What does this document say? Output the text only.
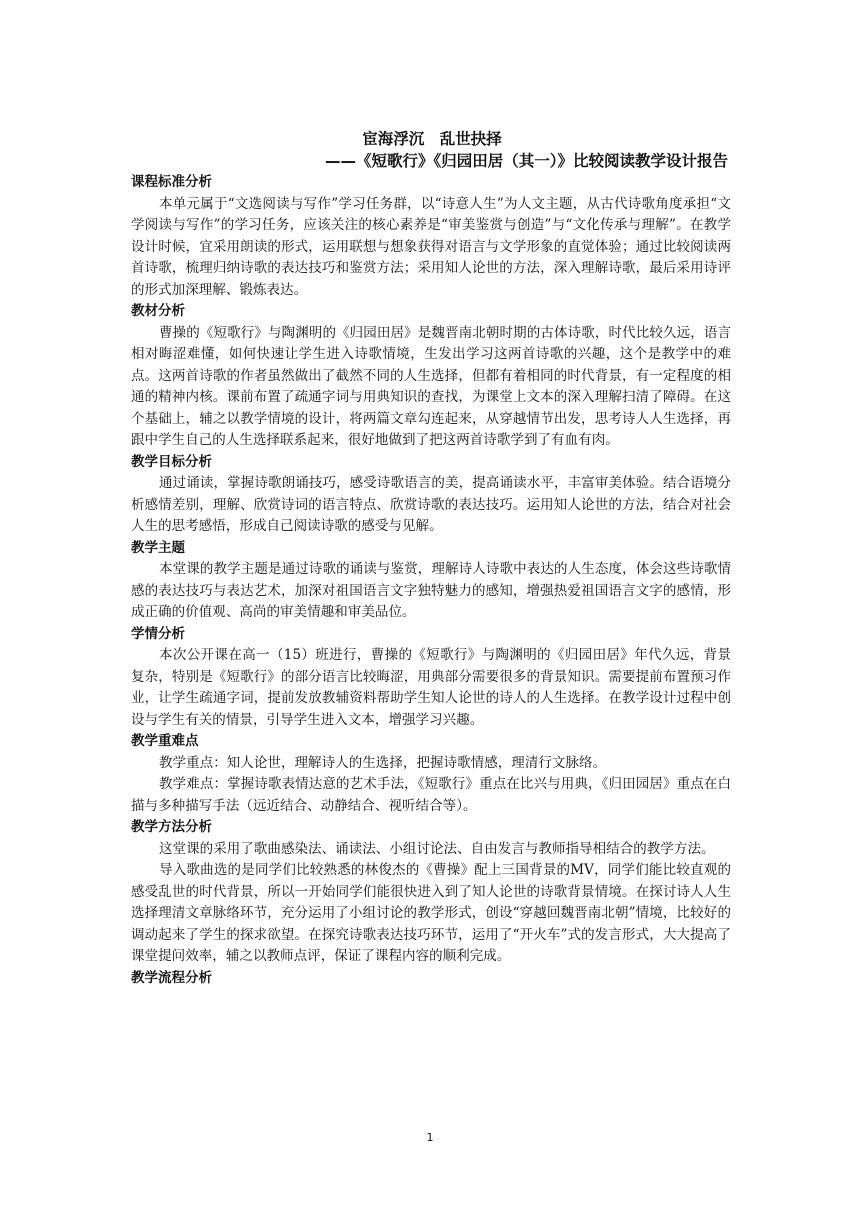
宦海浮沉　乱世抉择

——《短歌行》《归园田居（其一）》比较阅读教学设计报告

课程标准分析

本单元属于“文选阅读与写作”学习任务群，以“诗意人生”为人文主题，从古代诗歌角度承担“文学阅读与写作”的学习任务，应该关注的核心素养是“审美鉴赏与创造”与“文化传承与理解”。在教学设计时候，宜采用朗读的形式，运用联想与想象获得对语言与文学形象的直觉体验；通过比较阅读两首诗歌，梳理归纳诗歌的表达技巧和鉴赏方法；采用知人论世的方法，深入理解诗歌，最后采用诗评的形式加深理解、锻炼表达。

教材分析

曹操的《短歌行》与陶渊明的《归园田居》是魏晋南北朝时期的古体诗歌，时代比较久远，语言相对晦涩难懂，如何快速让学生进入诗歌情境，生发出学习这两首诗歌的兴趣，这个是教学中的难点。这两首诗歌的作者虽然做出了截然不同的人生选择，但都有着相同的时代背景，有一定程度的相通的精神内核。课前布置了疏通字词与用典知识的查找，为课堂上文本的深入理解扫清了障碍。在这个基础上，辅之以教学情境的设计，将两篇文章勾连起来，从穿越情节出发，思考诗人人生选择，再跟中学生自己的人生选择联系起来，很好地做到了把这两首诗歌学到了有血有肉。

教学目标分析

通过诵读，掌握诗歌朗诵技巧，感受诗歌语言的美，提高诵读水平，丰富审美体验。结合语境分析感情差别，理解、欣赏诗词的语言特点、欣赏诗歌的表达技巧。运用知人论世的方法，结合对社会人生的思考感悟，形成自己阅读诗歌的感受与见解。

教学主题

本堂课的教学主题是通过诗歌的诵读与鉴赏，理解诗人诗歌中表达的人生态度，体会这些诗歌情感的表达技巧与表达艺术，加深对祖国语言文字独特魅力的感知，增强热爱祖国语言文字的感情，形成正确的价值观、高尚的审美情趣和审美品位。

学情分析

本次公开课在高一（15）班进行，曹操的《短歌行》与陶渊明的《归园田居》年代久远，背景复杂，特别是《短歌行》的部分语言比较晦涩，用典部分需要很多的背景知识。需要提前布置预习作业，让学生疏通字词，提前发放教辅资料帮助学生知人论世的诗人的人生选择。在教学设计过程中创设与学生有关的情景，引导学生进入文本，增强学习兴趣。

教学重难点

教学重点：知人论世，理解诗人的生选择，把握诗歌情感，理清行文脉络。

教学难点：掌握诗歌表情达意的艺术手法，《短歌行》重点在比兴与用典，《归田园居》重点在白描与多种描写手法（远近结合、动静结合、视听结合等）。

教学方法分析

这堂课的采用了歌曲感染法、诵读法、小组讨论法、自由发言与教师指导相结合的教学方法。

导入歌曲选的是同学们比较熟悉的林俊杰的《曹操》配上三国背景的MV，同学们能比较直观的感受乱世的时代背景，所以一开始同学们能很快进入到了知人论世的诗歌背景情境。在探讨诗人人生选择理清文章脉络环节，充分运用了小组讨论的教学形式，创设“穿越回魏晋南北朝”情境，比较好的调动起来了学生的探求欲望。在探究诗歌表达技巧环节，运用了“开火车”式的发言形式，大大提高了课堂提问效率，辅之以教师点评，保证了课程内容的顺利完成。

教学流程分析

1
